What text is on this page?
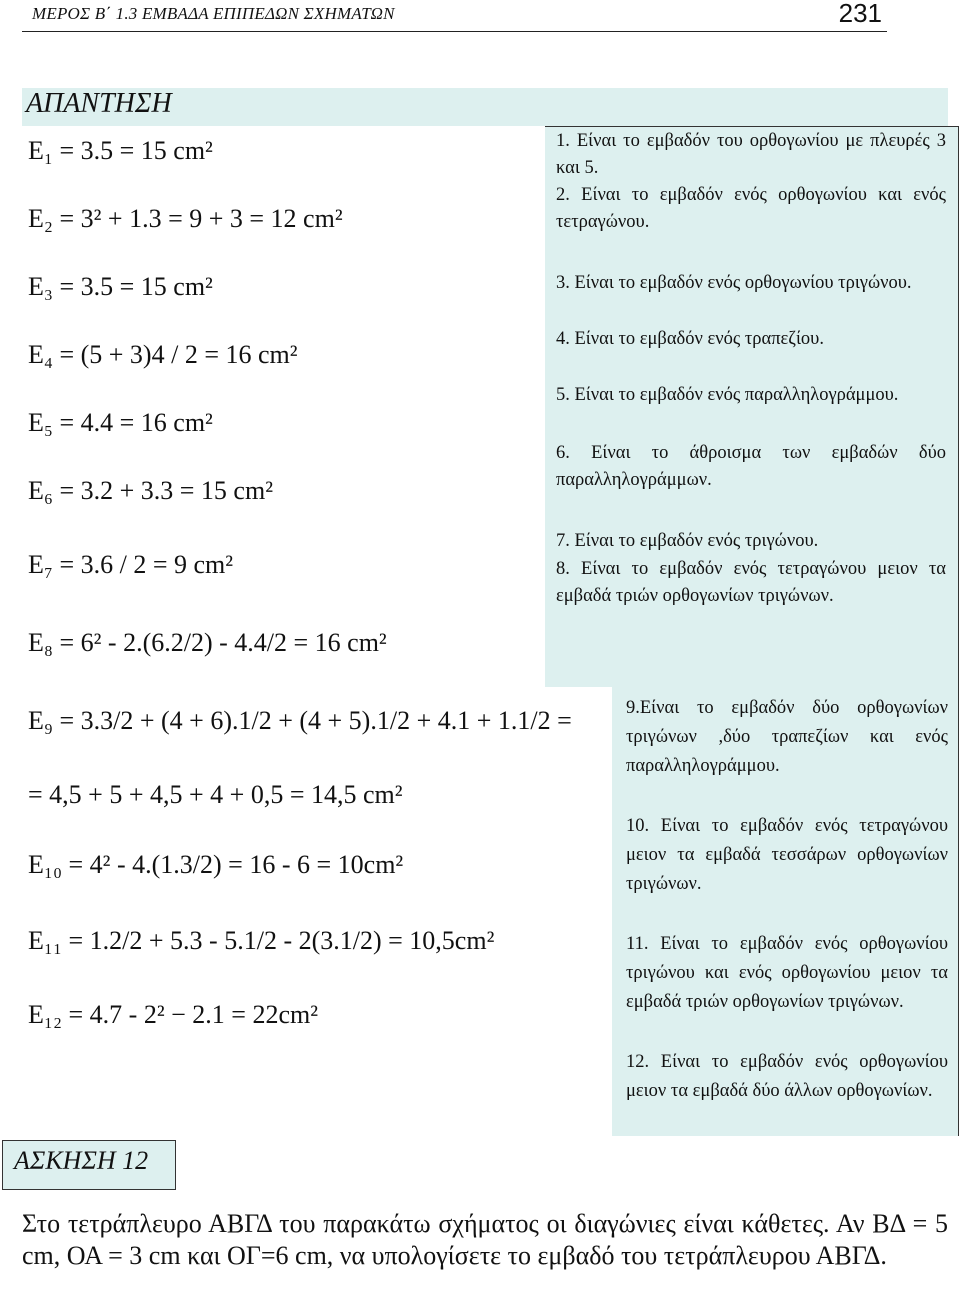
ΜΕΡΟΣ Β΄ 1.3 ΕΜΒΑΔΑ ΕΠΙΠΕΔΩΝ ΣΧΗΜΑΤΩΝ	231
ΑΠΑΝΤΗΣΗ
Ε₁ = 3.5 = 15 cm²
Ε₂ = 3² + 1.3 = 9 + 3 = 12 cm²
Ε₃ = 3.5 = 15 cm²
Ε₄ = (5 + 3)4 / 2 = 16 cm²
Ε₅ = 4.4 = 16 cm²
Ε₆ = 3.2 + 3.3 = 15 cm²
Ε₇ = 3.6 / 2 = 9 cm²
Ε₈ = 6² - 2.(6.2/2) - 4.4/2 = 16 cm²
Ε₉ = 3.3/2 + (4 + 6).1/2 + (4 + 5).1/2 + 4.1 + 1.1/2 =
= 4,5 + 5 + 4,5 + 4 + 0,5 = 14,5 cm²
Ε₁₀ = 4² - 4.(1.3/2) = 16 - 6 = 10cm²
Ε₁₁ = 1.2/2 + 5.3 - 5.1/2 - 2(3.1/2) = 10,5cm²
Ε₁₂ = 4.7 - 2² − 2.1 = 22cm²
1. Είναι το εμβαδόν του ορθογωνίου με πλευρές 3 και 5.
2. Είναι το εμβαδόν ενός ορθογωνίου και ενός τετραγώνου.
3. Είναι το εμβαδόν ενός ορθογωνίου τριγώνου.
4. Είναι το εμβαδόν ενός τραπεζίου.
5. Είναι το εμβαδόν ενός παραλληλογράμμου.
6. Είναι το άθροισμα των εμβαδών δύο παραλληλογράμμων.
7. Είναι το εμβαδόν ενός τριγώνου.
8. Είναι το εμβαδόν ενός τετραγώνου μειον τα εμβαδά τριών ορθογωνίων τριγώνων.
9.Είναι το εμβαδόν δύο ορθογωνίων τριγώνων ,δύο τραπεζίων και ενός παραλληλογράμμου.
10. Είναι το εμβαδόν ενός τετραγώνου μειον τα εμβαδά τεσσάρων ορθογωνίων τριγώνων.
11. Είναι το εμβαδόν ενός ορθογωνίου τριγώνου και ενός ορθογωνίου μειον τα εμβαδά τριών ορθογωνίων τριγώνων.
12. Είναι το εμβαδόν ενός ορθογωνίου μειον τα εμβαδά δύο άλλων ορθογωνίων.
ΑΣΚΗΣΗ 12
Στο τετράπλευρο ΑΒΓΔ του παρακάτω σχήματος οι διαγώνιες είναι κάθετες. Αν ΒΔ = 5 cm, ΟΑ = 3 cm και ΟΓ=6 cm, να υπολογίσετε το εμβαδό του τετράπλευρου ΑΒΓΔ.
